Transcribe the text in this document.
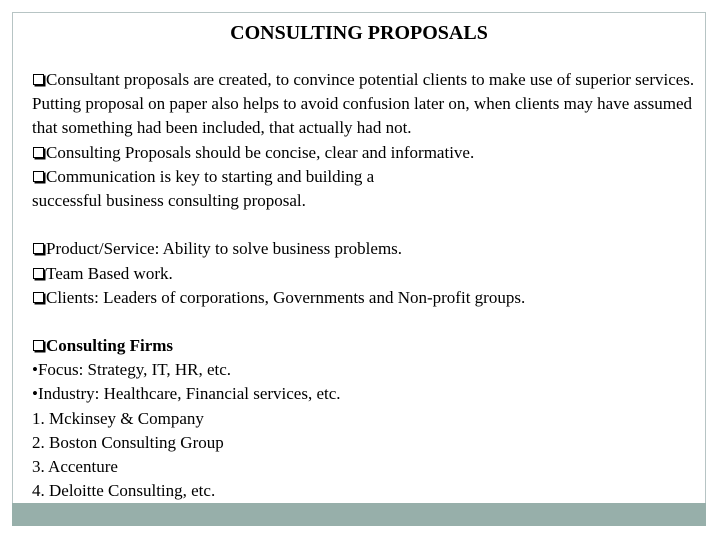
CONSULTING PROPOSALS
Consultant proposals are created, to convince potential clients to make use of superior services. Putting proposal on paper also helps to avoid confusion later on, when clients may have assumed that something had been included, that actually had not.
Consulting Proposals should be concise, clear and informative.
Communication is key to starting and building a
successful business consulting proposal.
Product/Service: Ability to solve business problems.
Team Based work.
Clients: Leaders of corporations, Governments and Non-profit groups.
Consulting Firms
•Focus: Strategy, IT, HR, etc.
•Industry: Healthcare, Financial services, etc.
1. Mckinsey & Company
2. Boston Consulting Group
3. Accenture
4. Deloitte Consulting, etc.
